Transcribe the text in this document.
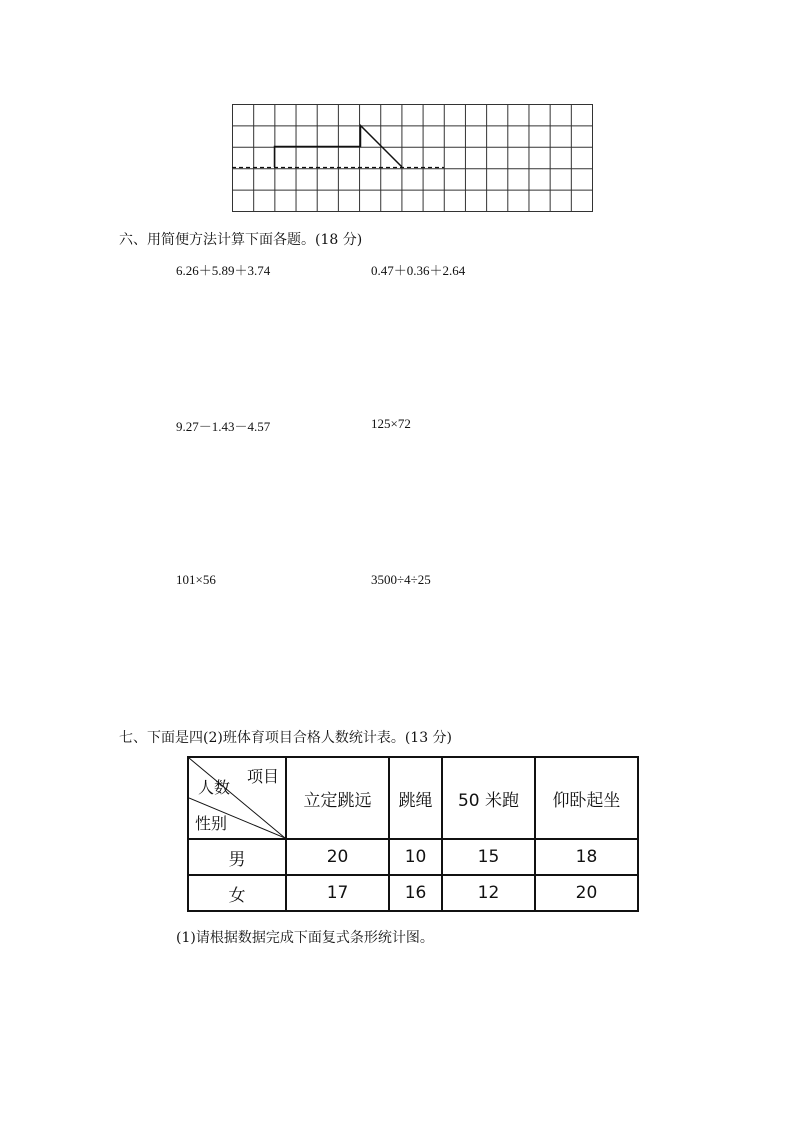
六、用简便方法计算下面各题。(18 分)
6.26＋5.89＋3.74	0.47＋0.36＋2.64
9.27－1.43－4.57	125×72
101×56	3500÷4÷25
七、下面是四(2)班体育项目合格人数统计表。(13 分)
项目
人数
性别	立定跳远	跳绳	50 米跑	仰卧起坐
男	20	10	15	18
女	17	16	12	20
(1)请根据数据完成下面复式条形统计图。
